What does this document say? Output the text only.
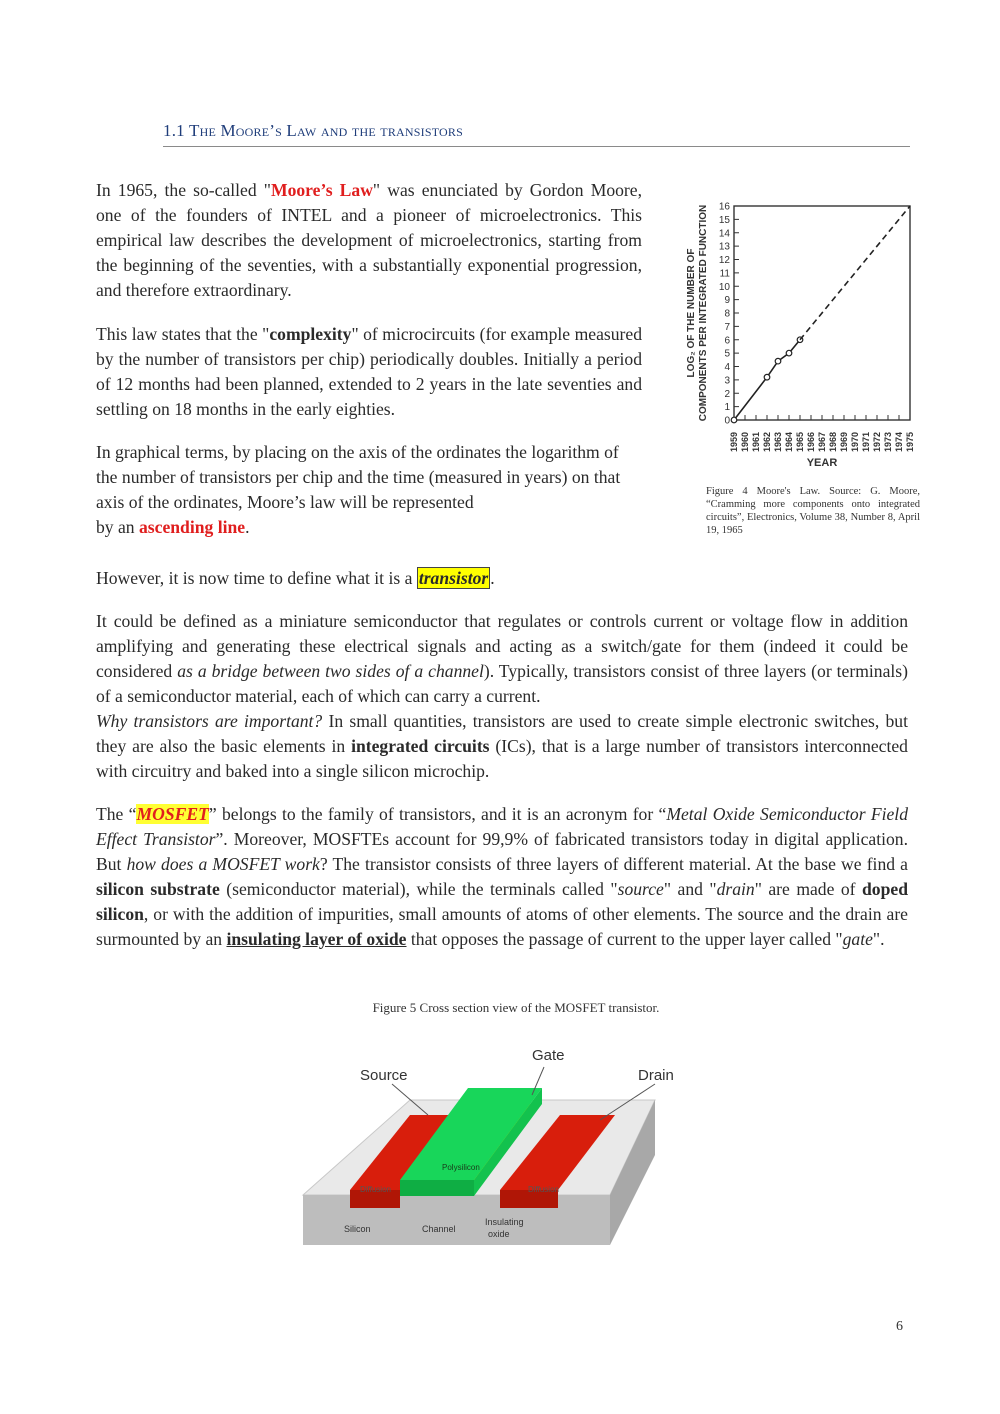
1.1 The Moore’s Law and the transistors

In 1965, the so-called "Moore’s Law" was enunciated by Gordon Moore, one of the founders of INTEL and a pioneer of microelectronics. This empirical law describes the development of microelectronics, starting from the beginning of the seventies, with a substantially exponential progression, and therefore extraordinary.

This law states that the "complexity" of microcircuits (for example measured by the number of transistors per chip) periodically doubles. Initially a period of 12 months had been planned, extended to 2 years in the late seventies and settling on 18 months in the early eighties.

In graphical terms, by placing on the axis of the ordinates the logarithm of the number of transistors per chip and the time (measured in years) on that axis of the ordinates, Moore’s law will be represented
by an ascending line.

0
1
2
3
4
5
6
7
8
9
10
11
12
13
14
15
16
1959 1960 1961 1962 1963 1964 1965 1966 1967 1968 1969 1970 1971 1972 1973 1974 1975
YEAR
LOG₂ OF THE NUMBER OF COMPONENTS PER INTEGRATED FUNCTION
Figure 4 Moore's Law. Source: G. Moore, “Cramming more components onto integrated circuits”, Electronics, Volume 38, Number 8, April 19, 1965

However, it is now time to define what it is a transistor .

It could be defined as a miniature semiconductor that regulates or controls current or voltage flow in addition amplifying and generating these electrical signals and acting as a switch/gate for them (indeed it could be considered as a bridge between two sides of a channel). Typically, transistors consist of three layers (or terminals) of a semiconductor material, each of which can carry a current.
Why transistors are important? In small quantities, transistors are used to create simple electronic switches, but they are also the basic elements in integrated circuits (ICs), that is a large number of transistors interconnected with circuitry and baked into a single silicon microchip.

The “MOSFET” belongs to the family of transistors, and it is an acronym for “Metal Oxide Semiconductor Field Effect Transistor”. Moreover, MOSFTEs account for 99,9% of fabricated transistors today in digital application. But how does a MOSFET work? The transistor consists of three layers of different material. At the base we find a silicon substrate (semiconductor material), while the terminals called "source" and "drain" are made of doped silicon, or with the addition of impurities, small amounts of atoms of other elements. The source and the drain are surmounted by an insulating layer of oxide that opposes the passage of current to the upper layer called "gate".

Figure 5 Cross section view of the MOSFET transistor.
Gate
Source	Drain
Polysilicon
Diffusion	Diffusion
Silicon	Channel
Insulating
oxide
6
